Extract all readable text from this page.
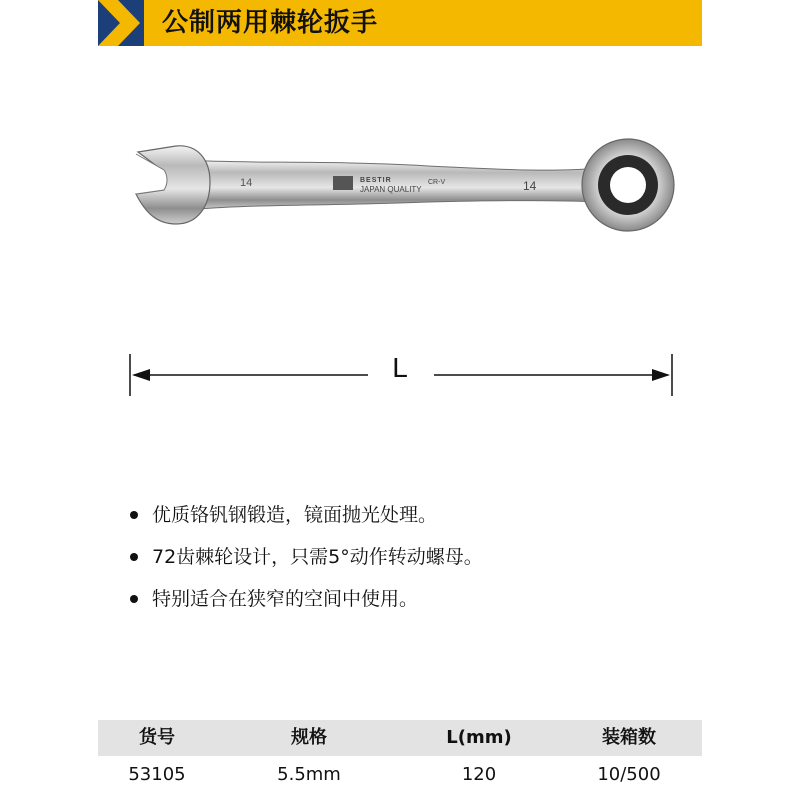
公制两用棘轮扳手
14	14
BESTIR
JAPAN QUALITY
CR-V
L
优质铬钒钢锻造，镜面抛光处理。
72齿棘轮设计，只需5°动作转动螺母。
特别适合在狭窄的空间中使用。
货号	规格	L(mm)	装箱数
53105	5.5mm	120	10/500
